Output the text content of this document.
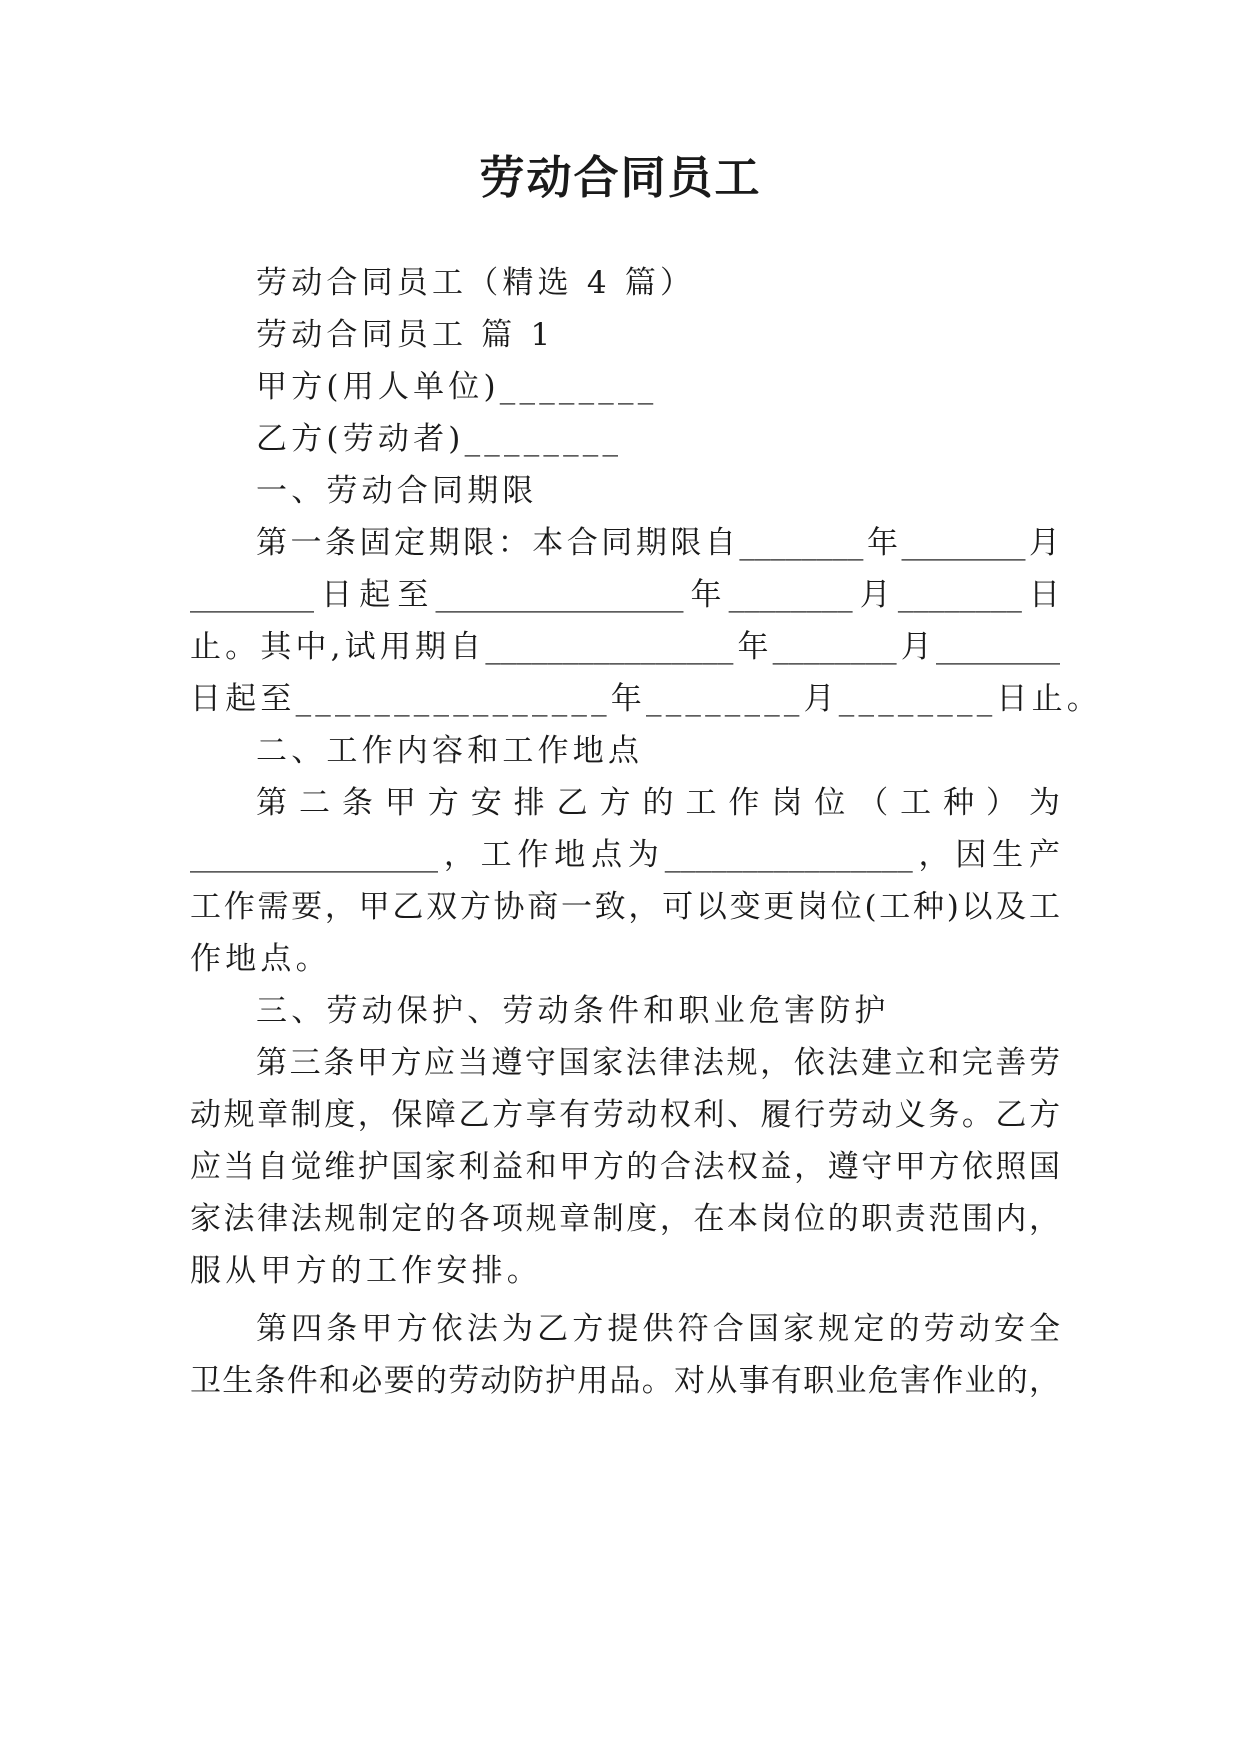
劳动合同员工

劳动合同员工（精选 4 篇）

劳动合同员工 篇 1

甲方(用人单位)________

乙方(劳动者)________

一、劳动合同期限

第一条固定期限：本合同期限自________年________月

________日起至________________年________月________日

止。其中,试用期自________________年________月________

日起至________________年________月________日止。

二、工作内容和工作地点

第 二 条 甲 方 安 排 乙 方 的 工 作 岗 位 （ 工 种 ） 为

________________，工作地点为________________，因生产

工作需要，甲乙双方协商一致，可以变更岗位(工种)以及工

作地点。

三、劳动保护、劳动条件和职业危害防护

第三条甲方应当遵守国家法律法规，依法建立和完善劳

动规章制度，保障乙方享有劳动权利、履行劳动义务。乙方

应当自觉维护国家利益和甲方的合法权益，遵守甲方依照国

家法律法规制定的各项规章制度，在本岗位的职责范围内，

服从甲方的工作安排。

第四条甲方依法为乙方提供符合国家规定的劳动安全

卫生条件和必要的劳动防护用品。对从事有职业危害作业的，
